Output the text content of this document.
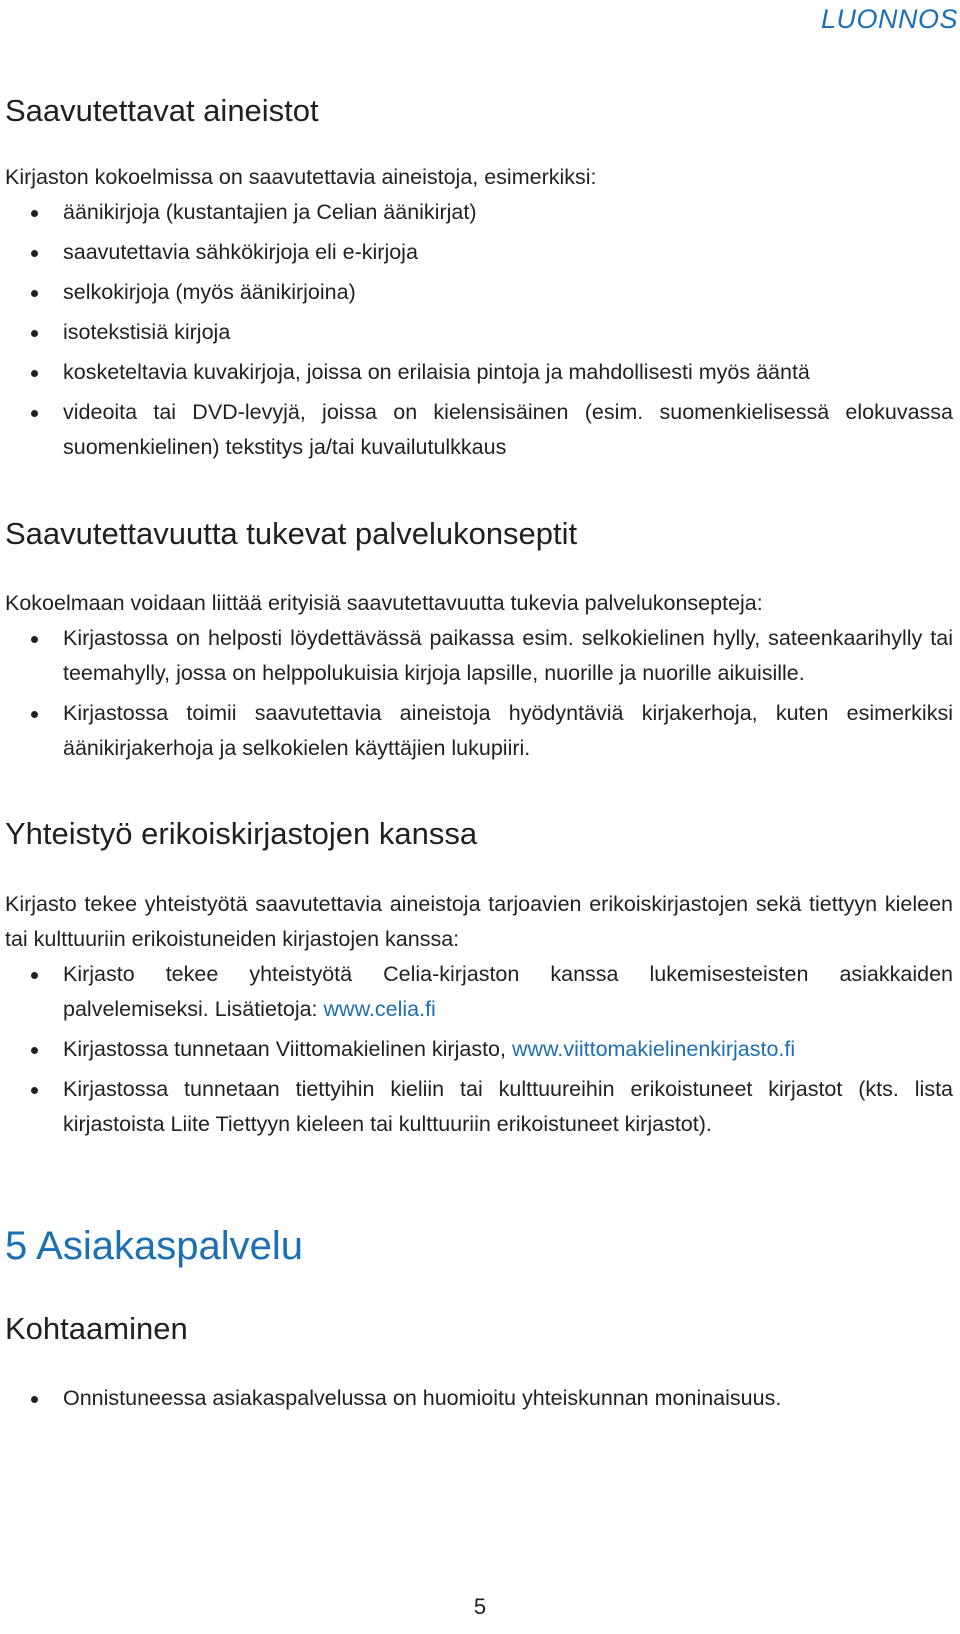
LUONNOS
Saavutettavat aineistot

Kirjaston kokoelmissa on saavutettavia aineistoja, esimerkiksi:

äänikirjoja (kustantajien ja Celian äänikirjat)
saavutettavia sähkökirjoja eli e-kirjoja
selkokirjoja (myös äänikirjoina)
isotekstisiä kirjoja
kosketeltavia kuvakirjoja, joissa on erilaisia pintoja ja mahdollisesti myös ääntä
videoita tai DVD-levyjä, joissa on kielensisäinen (esim. suomenkielisessä elokuvassa suomenkielinen) tekstitys ja/tai kuvailutulkkaus
Saavutettavuutta tukevat palvelukonseptit

Kokoelmaan voidaan liittää erityisiä saavutettavuutta tukevia palvelukonsepteja:

Kirjastossa on helposti löydettävässä paikassa esim. selkokielinen hylly, sateenkaarihylly tai teemahylly, jossa on helppolukuisia kirjoja lapsille, nuorille ja nuorille aikuisille.
Kirjastossa toimii saavutettavia aineistoja hyödyntäviä kirjakerhoja, kuten esimerkiksi äänikirjakerhoja ja selkokielen käyttäjien lukupiiri.
Yhteistyö erikoiskirjastojen kanssa

Kirjasto tekee yhteistyötä saavutettavia aineistoja tarjoavien erikoiskirjastojen sekä tiettyyn kieleen tai kulttuuriin erikoistuneiden kirjastojen kanssa:

Kirjasto tekee yhteistyötä Celia-kirjaston kanssa lukemisesteisten asiakkaiden palvelemiseksi. Lisätietoja: www.celia.fi
Kirjastossa tunnetaan Viittomakielinen kirjasto, www.viittomakielinenkirjasto.fi
Kirjastossa tunnetaan tiettyihin kieliin tai kulttuureihin erikoistuneet kirjastot (kts. lista kirjastoista Liite Tiettyyn kieleen tai kulttuuriin erikoistuneet kirjastot).
5 Asiakaspalvelu
Kohtaaminen
Onnistuneessa asiakaspalvelussa on huomioitu yhteiskunnan moninaisuus.
5
